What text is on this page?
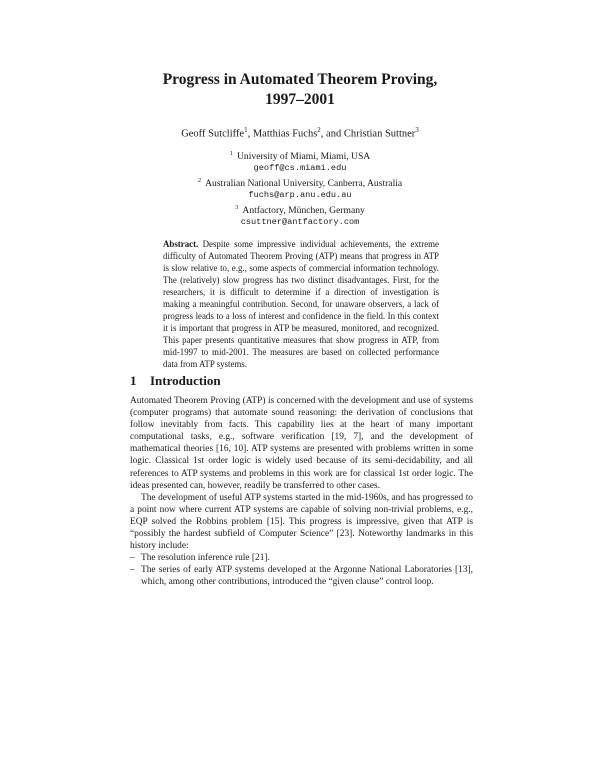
Progress in Automated Theorem Proving,
1997–2001

Geoff Sutcliffe$^1$, Matthias Fuchs$^2$, and Christian Suttner$^3$

$^1$ University of Miami, Miami, USA
geoff@cs.miami.edu
$^2$ Australian National University, Canberra, Australia
fuchs@arp.anu.edu.au
$^3$ Antfactory, München, Germany
csuttner@antfactory.com

Abstract. Despite some impressive individual achievements, the extreme difficulty of Automated Theorem Proving (ATP) means that progress in ATP is slow relative to, e.g., some aspects of commercial information technology. The (relatively) slow progress has two distinct disadvantages. First, for the researchers, it is difficult to determine if a direction of investigation is making a meaningful contribution. Second, for unaware observers, a lack of progress leads to a loss of interest and confidence in the field. In this context it is important that progress in ATP be measured, monitored, and recognized. This paper presents quantitative measures that show progress in ATP, from mid-1997 to mid-2001. The measures are based on collected performance data from ATP systems.

1 Introduction

Automated Theorem Proving (ATP) is concerned with the development and use of systems (computer programs) that automate sound reasoning: the derivation of conclusions that follow inevitably from facts. This capability lies at the heart of many important computational tasks, e.g., software verification [19, 7], and the development of mathematical theories [16, 10]. ATP systems are presented with problems written in some logic. Classical 1st order logic is widely used because of its semi-decidability, and all references to ATP systems and problems in this work are for classical 1st order logic. The ideas presented can, however, readily be transferred to other cases.

The development of useful ATP systems started in the mid-1960s, and has progressed to a point now where current ATP systems are capable of solving non-trivial problems, e.g., EQP solved the Robbins problem [15]. This progress is impressive, given that ATP is “possibly the hardest subfield of Computer Science” [23]. Noteworthy landmarks in this history include:

– The resolution inference rule [21].
– The series of early ATP systems developed at the Argonne National Laboratories [13], which, among other contributions, introduced the “given clause” control loop.
